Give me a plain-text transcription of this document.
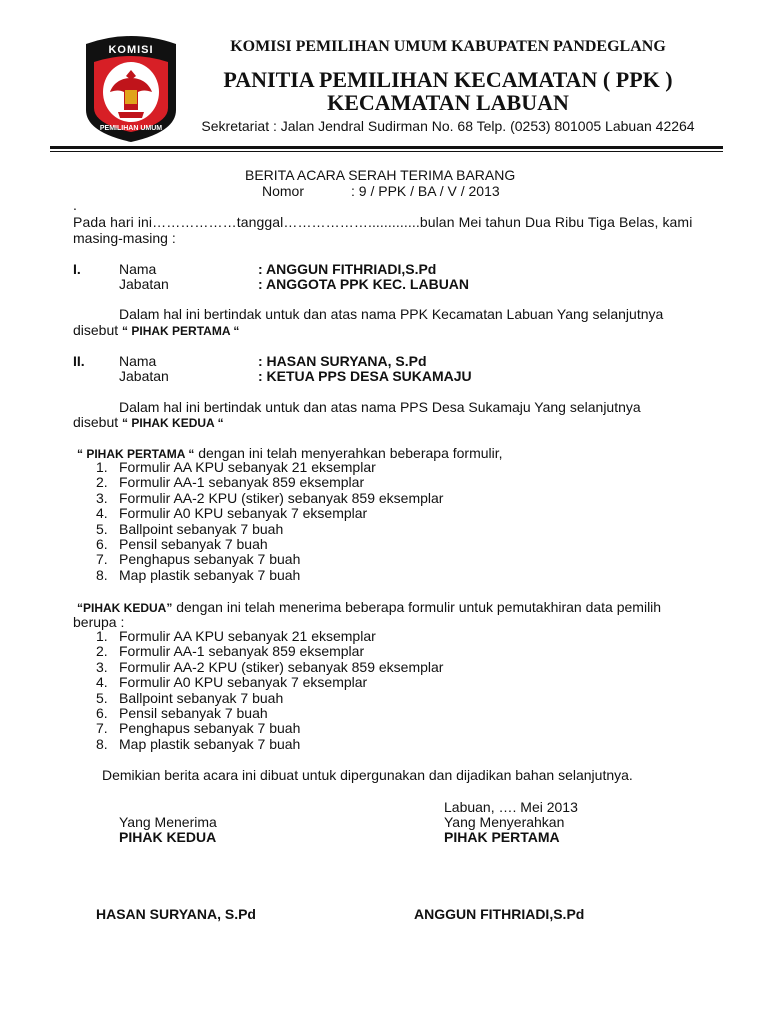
KOMISI
PEMILIHAN UMUM
KOMISI PEMILIHAN UMUM KABUPATEN PANDEGLANG
PANITIA PEMILIHAN KECAMATAN ( PPK )
KECAMATAN LABUAN
Sekretariat : Jalan Jendral Sudirman No. 68 Telp. (0253) 801005 Labuan 42264
BERITA ACARA SERAH TERIMA BARANG
Nomor	: 9 / PPK / BA / V / 2013
.
Pada hari ini………………tanggal……………….............bulan Mei tahun Dua Ribu Tiga Belas, kami
masing-masing :
I.	Nama	: ANGGUN FITHRIADI,S.Pd
Jabatan	: ANGGOTA PPK KEC. LABUAN
Dalam hal ini bertindak untuk dan atas nama PPK Kecamatan Labuan Yang selanjutnya
disebut “ PIHAK PERTAMA “
II. Nama	: HASAN SURYANA, S.Pd
Jabatan	: KETUA PPS DESA SUKAMAJU
Dalam hal ini bertindak untuk dan atas nama PPS Desa Sukamaju Yang selanjutnya
disebut “ PIHAK KEDUA “
“ PIHAK PERTAMA “ dengan ini telah menyerahkan beberapa formulir,
1. Formulir AA KPU sebanyak 21 eksemplar
2. Formulir AA-1 sebanyak 859 eksemplar
3. Formulir AA-2 KPU (stiker) sebanyak 859 eksemplar
4. Formulir A0 KPU sebanyak 7 eksemplar
5. Ballpoint sebanyak 7 buah
6. Pensil sebanyak 7 buah
7. Penghapus sebanyak 7 buah
8. Map plastik sebanyak 7 buah
“PIHAK KEDUA” dengan ini telah menerima beberapa formulir untuk pemutakhiran data pemilih
berupa :
1. Formulir AA KPU sebanyak 21 eksemplar
2. Formulir AA-1 sebanyak 859 eksemplar
3. Formulir AA-2 KPU (stiker) sebanyak 859 eksemplar
4. Formulir A0 KPU sebanyak 7 eksemplar
5. Ballpoint sebanyak 7 buah
6. Pensil sebanyak 7 buah
7. Penghapus sebanyak 7 buah
8. Map plastik sebanyak 7 buah
Demikian berita acara ini dibuat untuk dipergunakan dan dijadikan bahan selanjutnya.
Labuan, …. Mei 2013
Yang Menerima	Yang Menyerahkan
PIHAK KEDUA	PIHAK PERTAMA
HASAN SURYANA, S.Pd	ANGGUN FITHRIADI,S.Pd
